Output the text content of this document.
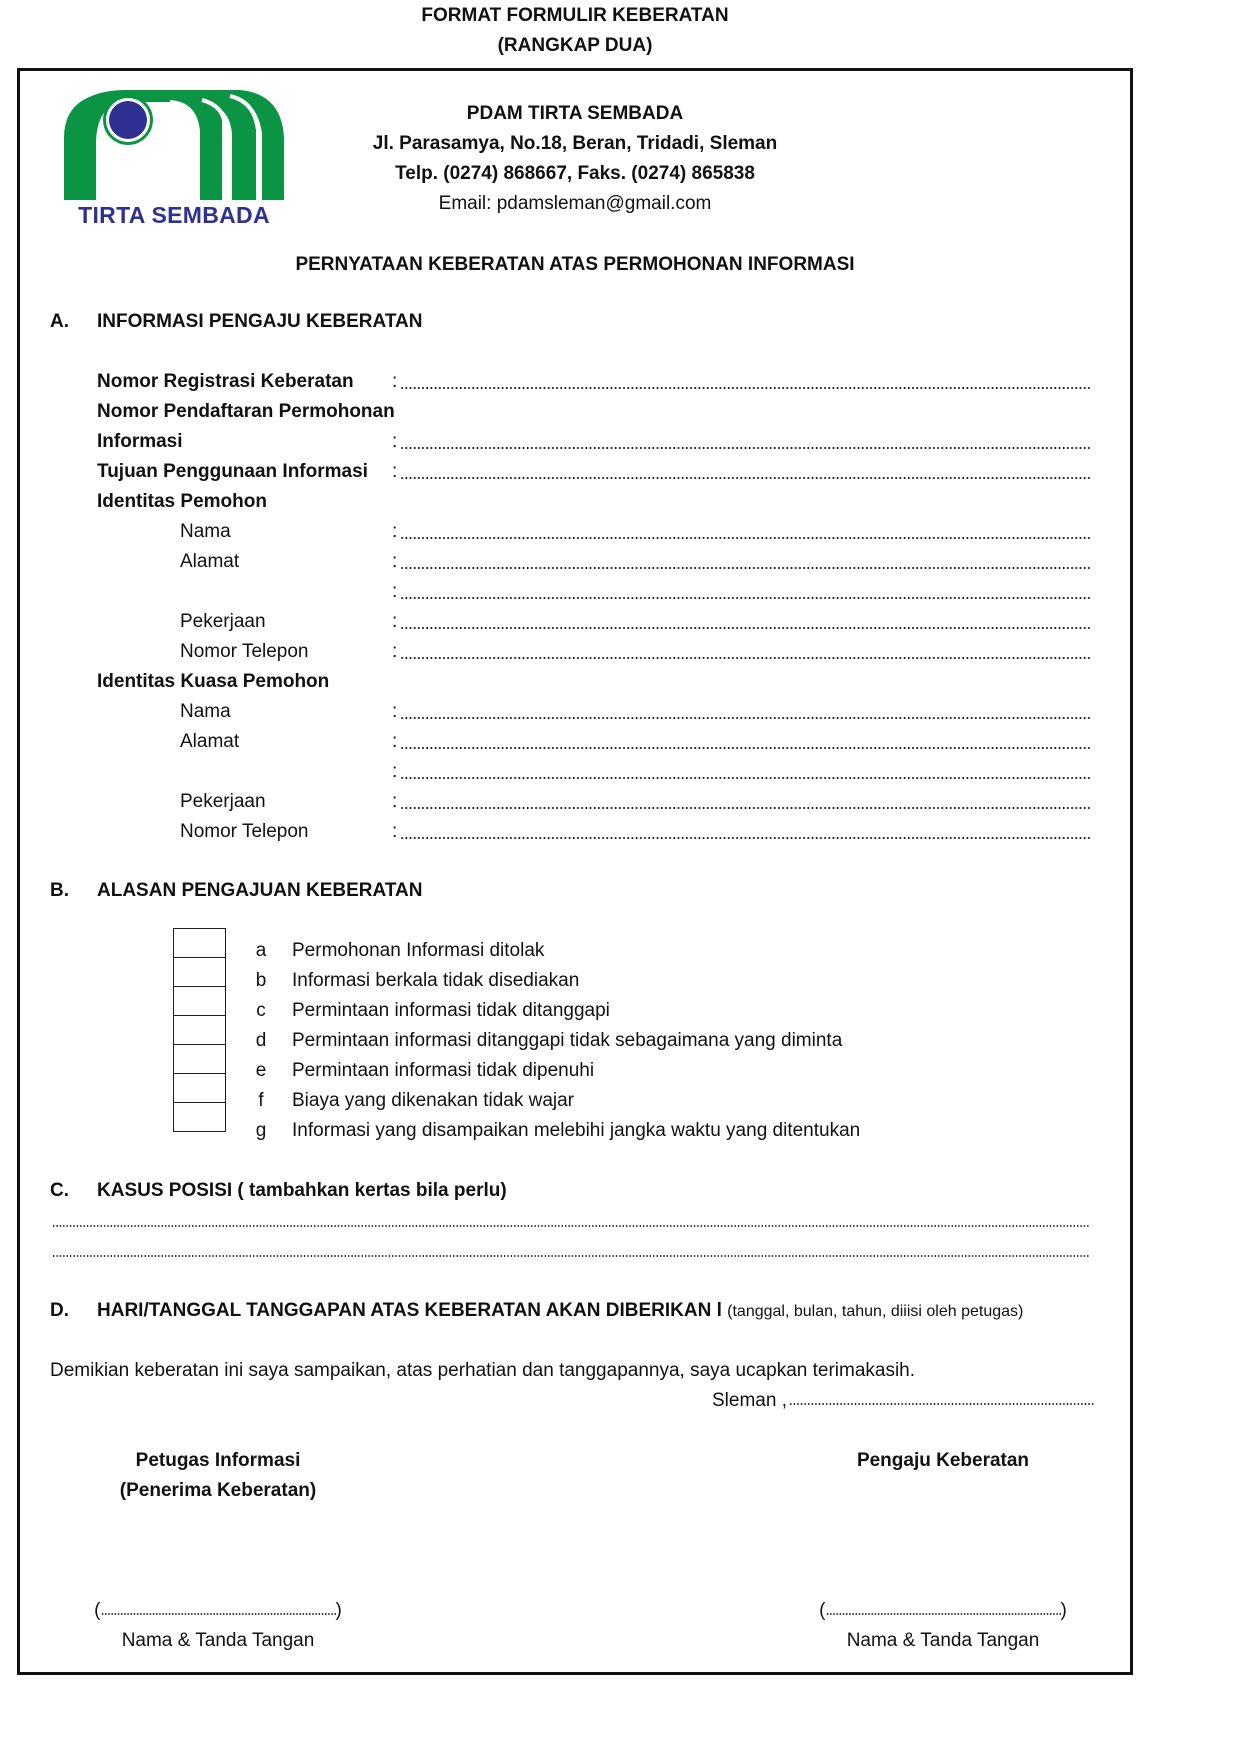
FORMAT FORMULIR KEBERATAN
(RANGKAP DUA)
TIRTA SEMBADA
PDAM TIRTA SEMBADA
Jl. Parasamya, No.18, Beran, Tridadi, Sleman
Telp. (0274) 868667, Faks. (0274) 865838
Email: pdamsleman@gmail.com
PERNYATAAN KEBERATAN ATAS PERMOHONAN INFORMASI
A. INFORMASI PENGAJU KEBERATAN
Nomor Registrasi Keberatan :
Nomor Pendaftaran Permohonan
Informasi	:
Tujuan Penggunaan Informasi :
Identitas Pemohon
Nama	:
Alamat	:
:
Pekerjaan	:
Nomor Telepon	:
Identitas Kuasa Pemohon
Nama	:
Alamat	:
:
Pekerjaan	:
Nomor Telepon	:
B. ALASAN PENGAJUAN KEBERATAN
a Permohonan Informasi ditolak
b Informasi berkala tidak disediakan
c Permintaan informasi tidak ditanggapi
d Permintaan informasi ditanggapi tidak sebagaimana yang diminta
e Permintaan informasi tidak dipenuhi
f Biaya yang dikenakan tidak wajar
g Informasi yang disampaikan melebihi jangka waktu yang ditentukan
C. KASUS POSISI ( tambahkan kertas bila perlu)
D. HARI/TANGGAL TANGGAPAN ATAS KEBERATAN AKAN DIBERIKAN l (tanggal, bulan, tahun, diiisi oleh petugas)
Demikian keberatan ini saya sampaikan, atas perhatian dan tanggapannya, saya ucapkan terimakasih.
Sleman ,
Petugas Informasi
(Penerima Keberatan)
Pengaju Keberatan
(	)	(	)
Nama & Tanda Tangan	Nama & Tanda Tangan
